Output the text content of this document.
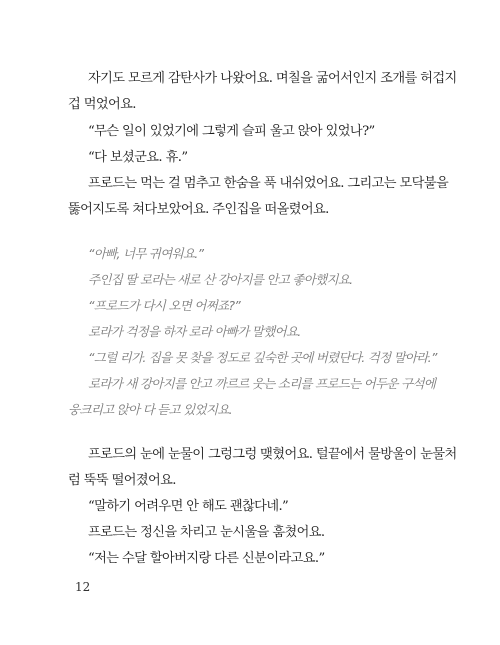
자기도 모르게 감탄사가 나왔어요. 며칠을 굶어서인지 조개를 허겁지
겁 먹었어요.
“무슨 일이 있었기에 그렇게 슬피 울고 앉아 있었나?”
“다 보셨군요. 휴.”
프로드는 먹는 걸 멈추고 한숨을 푹 내쉬었어요. 그리고는 모닥불을
뚫어지도록 쳐다보았어요. 주인집을 떠올렸어요.
“아빠, 너무 귀여워요.”
주인집 딸 로라는 새로 산 강아지를 안고 좋아했지요.
“프로드가 다시 오면 어쩌죠?”
로라가 걱정을 하자 로라 아빠가 말했어요.
“그럴 리가. 집을 못 찾을 정도로 깊숙한 곳에 버렸단다. 걱정 말아라.”
로라가 새 강아지를 안고 까르르 웃는 소리를 프로드는 어두운 구석에
웅크리고 앉아 다 듣고 있었지요.
프로드의 눈에 눈물이 그렁그렁 맺혔어요. 털끝에서 물방울이 눈물처
럼 뚝뚝 떨어졌어요.
“말하기 어려우면 안 해도 괜찮다네.”
프로드는 정신을 차리고 눈시울을 훔쳤어요.
“저는 수달 할아버지랑 다른 신분이라고요.”
12
